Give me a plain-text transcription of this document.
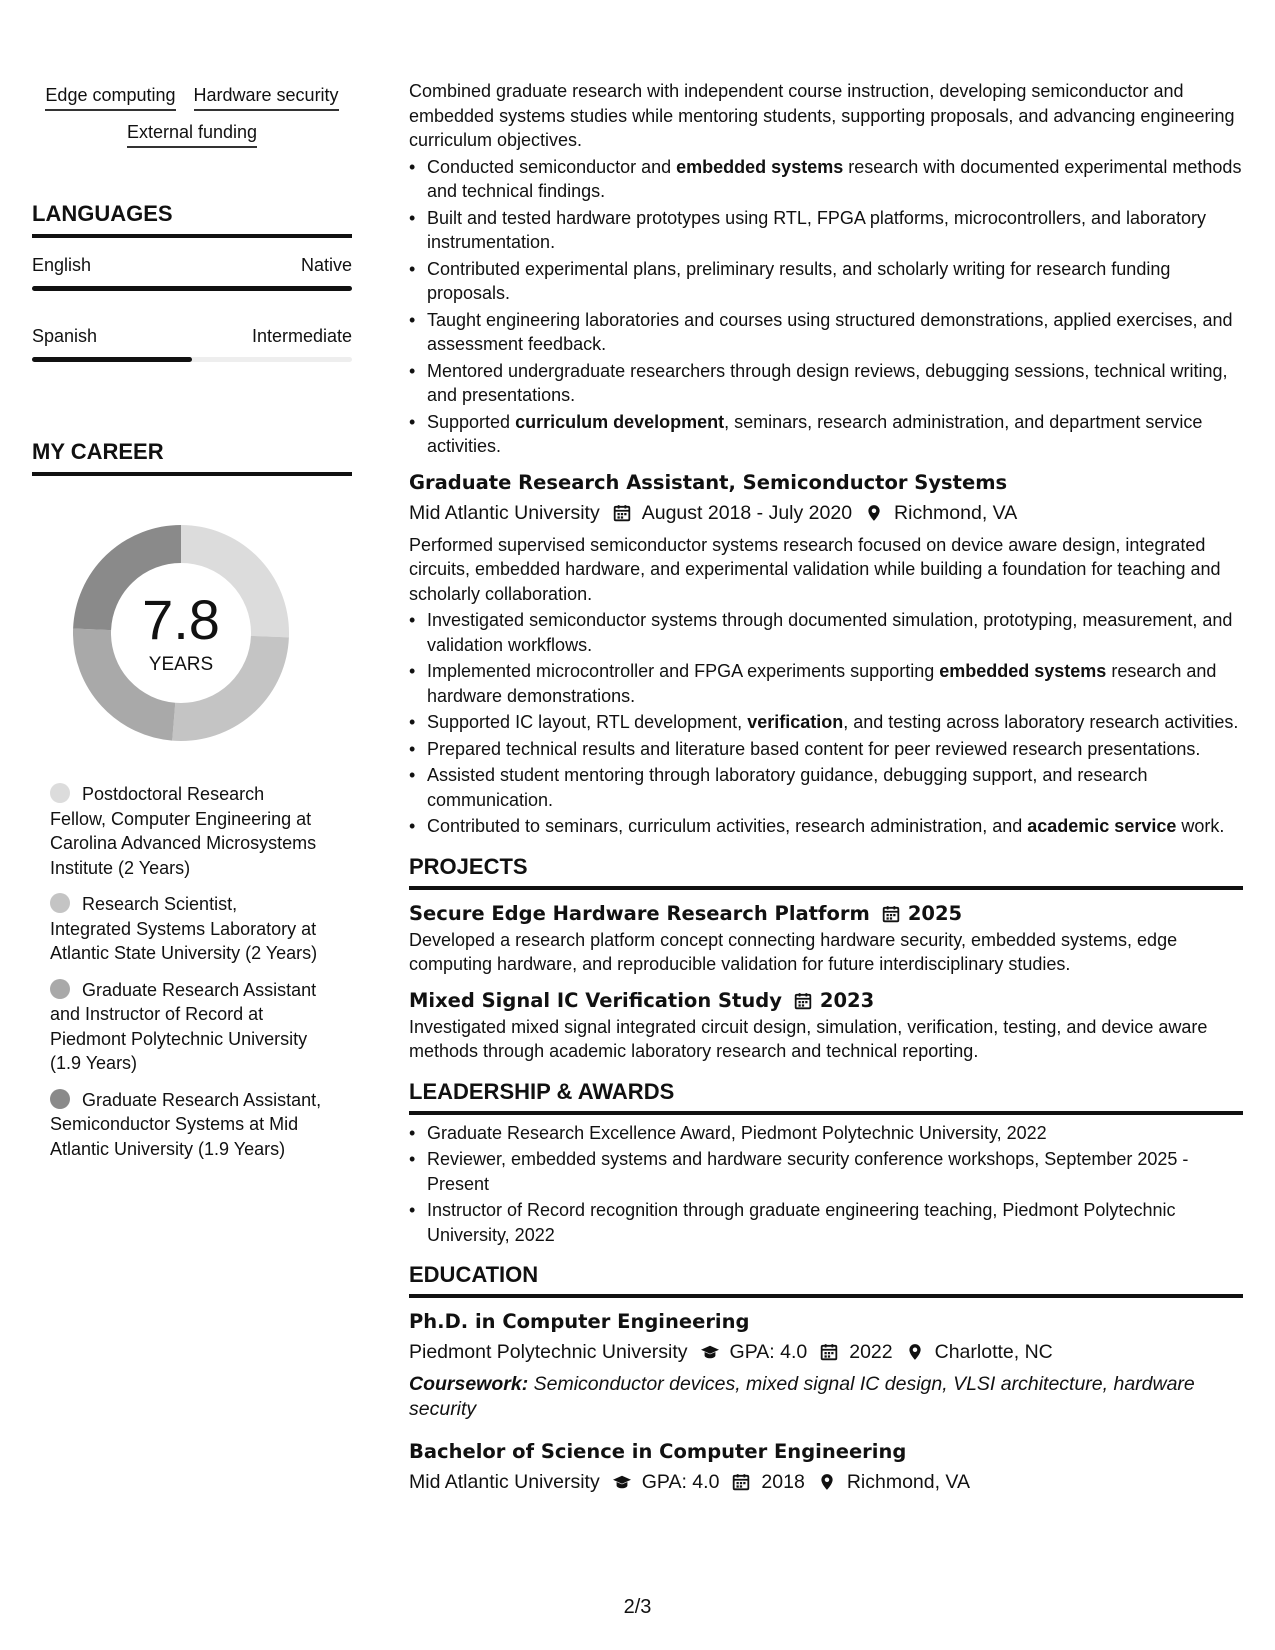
Edge computing Hardware security
External funding
LANGUAGES
English	Native
Spanish	Intermediate
MY CAREER
7.8
YEARS
Postdoctoral Research Fellow, Computer Engineering at Carolina Advanced Microsystems Institute (2 Years)
Research Scientist, Integrated Systems Laboratory at Atlantic State University (2 Years)
Graduate Research Assistant and Instructor of Record at Piedmont Polytechnic University (1.9 Years)
Graduate Research Assistant, Semiconductor Systems at Mid Atlantic University (1.9 Years)

Combined graduate research with independent course instruction, developing semiconductor and embedded systems studies while mentoring students, supporting proposals, and advancing engineering curriculum objectives.

• Conducted semiconductor and embedded systems research with documented experimental methods and technical findings.
• Built and tested hardware prototypes using RTL, FPGA platforms, microcontrollers, and laboratory instrumentation.
• Contributed experimental plans, preliminary results, and scholarly writing for research funding proposals.
• Taught engineering laboratories and courses using structured demonstrations, applied exercises, and assessment feedback.
• Mentored undergraduate researchers through design reviews, debugging sessions, technical writing, and presentations.
• Supported curriculum development, seminars, research administration, and department service activities.
Graduate Research Assistant, Semiconductor Systems
Mid Atlantic University August 2018 - July 2020 Richmond, VA

Performed supervised semiconductor systems research focused on device aware design, integrated circuits, embedded hardware, and experimental validation while building a foundation for teaching and scholarly collaboration.

• Investigated semiconductor systems through documented simulation, prototyping, measurement, and validation workflows.
• Implemented microcontroller and FPGA experiments supporting embedded systems research and hardware demonstrations.
• Supported IC layout, RTL development, verification, and testing across laboratory research activities.
• Prepared technical results and literature based content for peer reviewed research presentations.
• Assisted student mentoring through laboratory guidance, debugging support, and research communication.
• Contributed to seminars, curriculum activities, research administration, and academic service work.
PROJECTS
Secure Edge Hardware Research Platform 2025

Developed a research platform concept connecting hardware security, embedded systems, edge computing hardware, and reproducible validation for future interdisciplinary studies.

Mixed Signal IC Verification Study 2023

Investigated mixed signal integrated circuit design, simulation, verification, testing, and device aware methods through academic laboratory research and technical reporting.

LEADERSHIP & AWARDS
• Graduate Research Excellence Award, Piedmont Polytechnic University, 2022
• Reviewer, embedded systems and hardware security conference workshops, September 2025 - Present
• Instructor of Record recognition through graduate engineering teaching, Piedmont Polytechnic University, 2022
EDUCATION
Ph.D. in Computer Engineering
Piedmont Polytechnic University GPA: 4.0 2022 Charlotte, NC

Coursework: Semiconductor devices, mixed signal IC design, VLSI architecture, hardware security

Bachelor of Science in Computer Engineering
Mid Atlantic University GPA: 4.0 2018 Richmond, VA
2/3
